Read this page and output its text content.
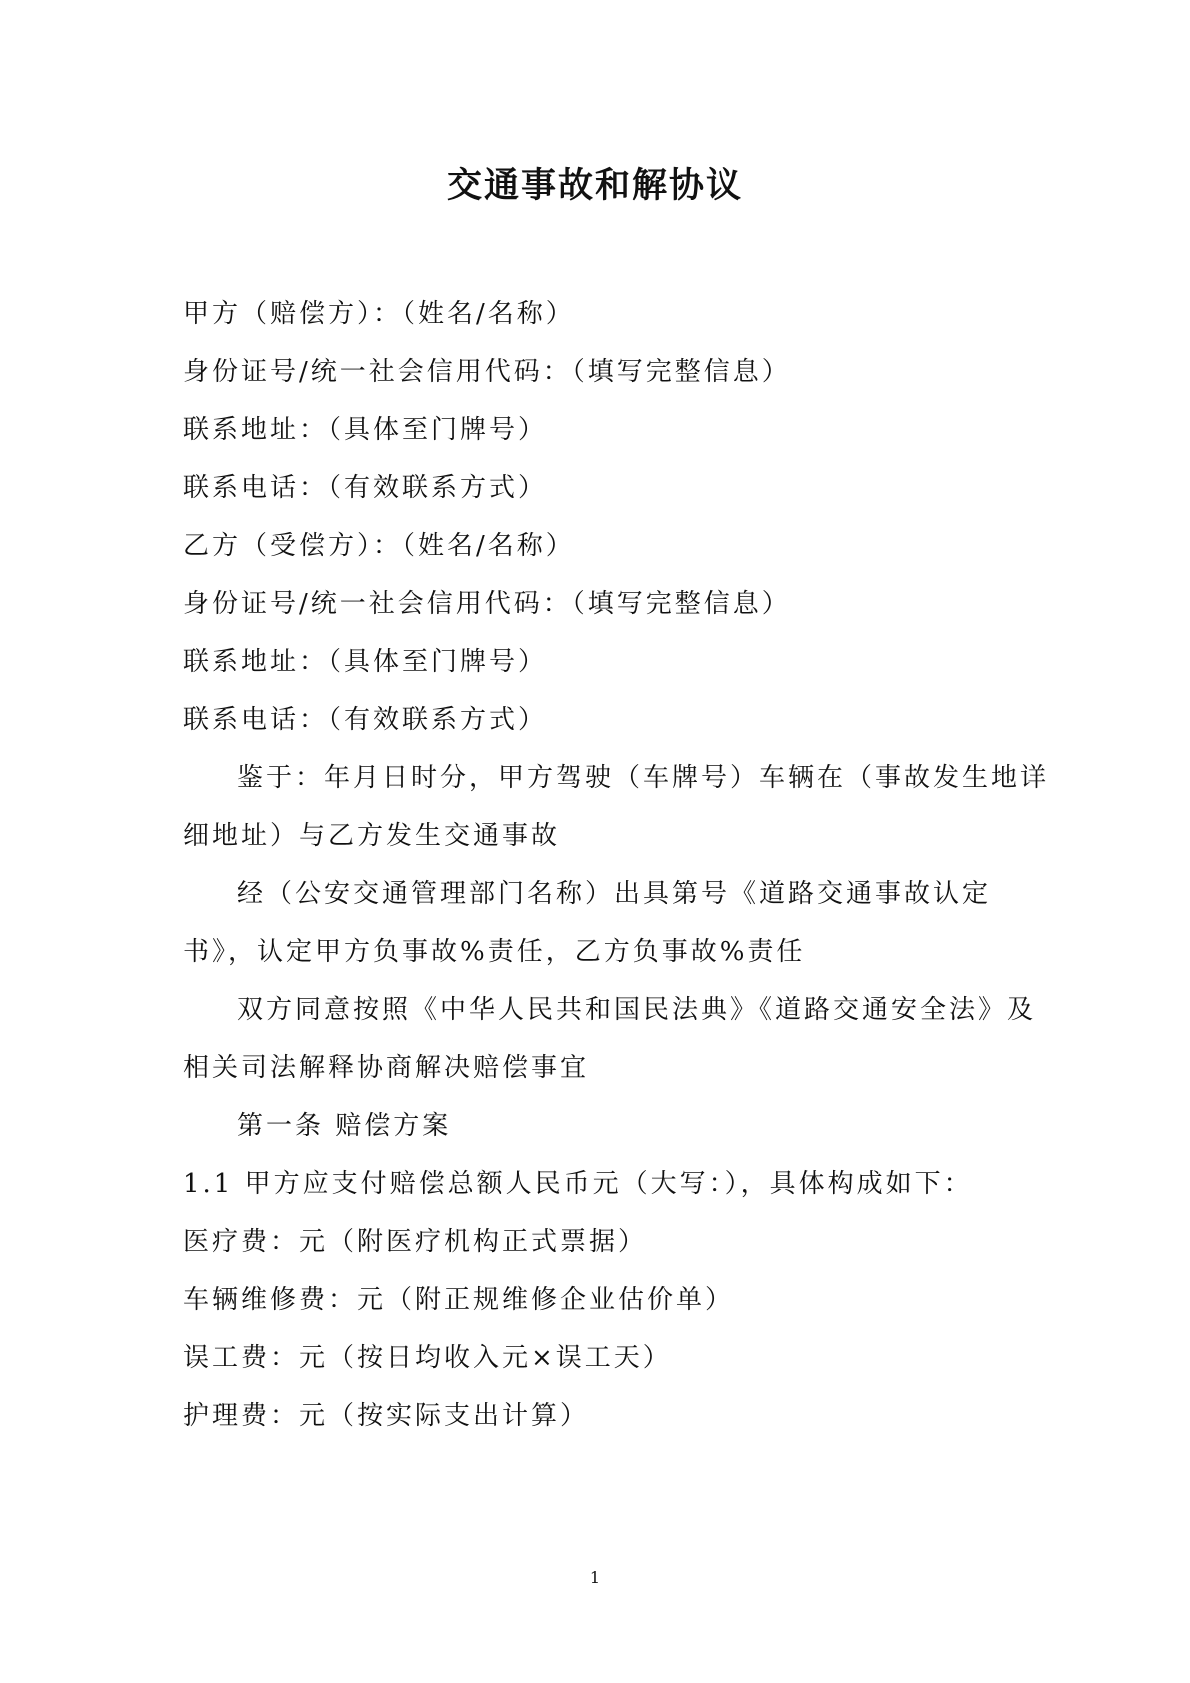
交通事故和解协议
甲方（赔偿方）：（姓名/名称）
身份证号/统一社会信用代码：（填写完整信息）
联系地址：（具体至门牌号）
联系电话：（有效联系方式）
乙方（受偿方）：（姓名/名称）
身份证号/统一社会信用代码：（填写完整信息）
联系地址：（具体至门牌号）
联系电话：（有效联系方式）
鉴于：年月日时分，甲方驾驶（车牌号）车辆在（事故发生地详
细地址）与乙方发生交通事故
经（公安交通管理部门名称）出具第号《道路交通事故认定
书》，认定甲方负事故%责任，乙方负事故%责任
双方同意按照《中华人民共和国民法典》《道路交通安全法》及
相关司法解释协商解决赔偿事宜
第一条 赔偿方案
1.1 甲方应支付赔偿总额人民币元（大写：），具体构成如下：
医疗费：元（附医疗机构正式票据）
车辆维修费：元（附正规维修企业估价单）
误工费：元（按日均收入元×误工天）
护理费：元（按实际支出计算）
1
